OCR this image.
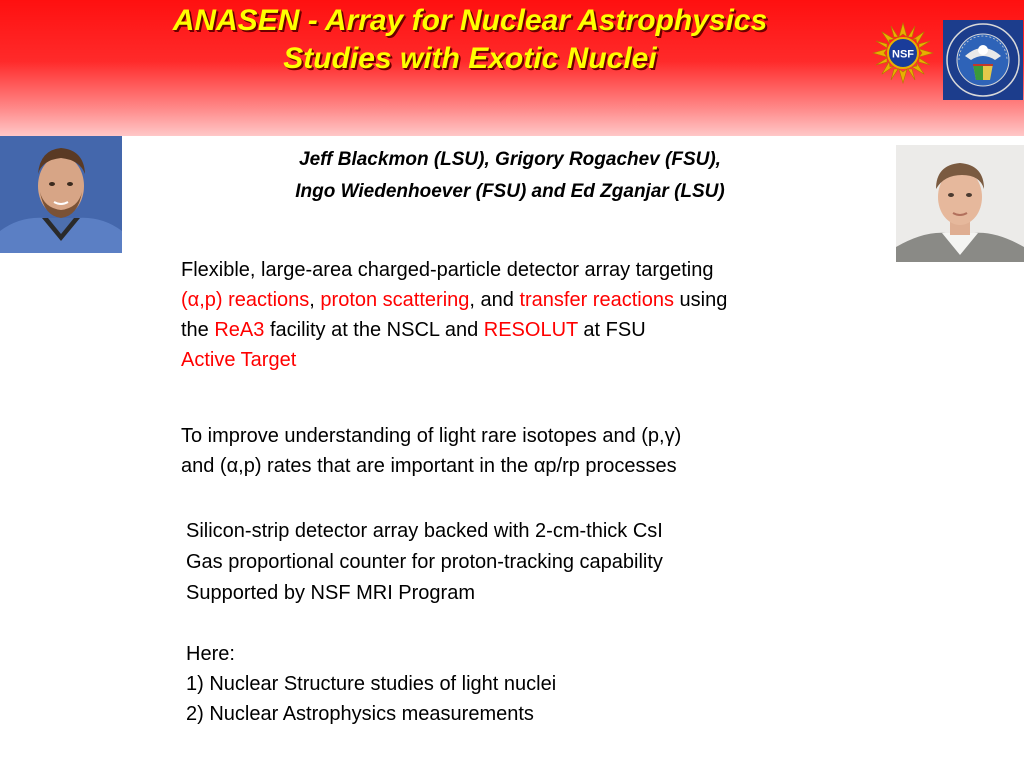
ANASEN - Array for Nuclear Astrophysics
Studies with Exotic Nuclei	NSF
Jeff Blackmon (LSU), Grigory Rogachev (FSU),
Ingo Wiedenhoever (FSU) and Ed Zganjar (LSU)
Flexible, large-area charged-particle detector array targeting
(α,p) reactions, proton scattering, and transfer reactions using
the ReA3 facility at the NSCL and RESOLUT at FSU
Active Target
To improve understanding of light rare isotopes and (p,γ)
and (α,p) rates that are important in the αp/rp processes
Silicon-strip detector array backed with 2-cm-thick CsI
Gas proportional counter for proton-tracking capability
Supported by NSF MRI Program
Here:
1) Nuclear Structure studies of light nuclei
2) Nuclear Astrophysics measurements
